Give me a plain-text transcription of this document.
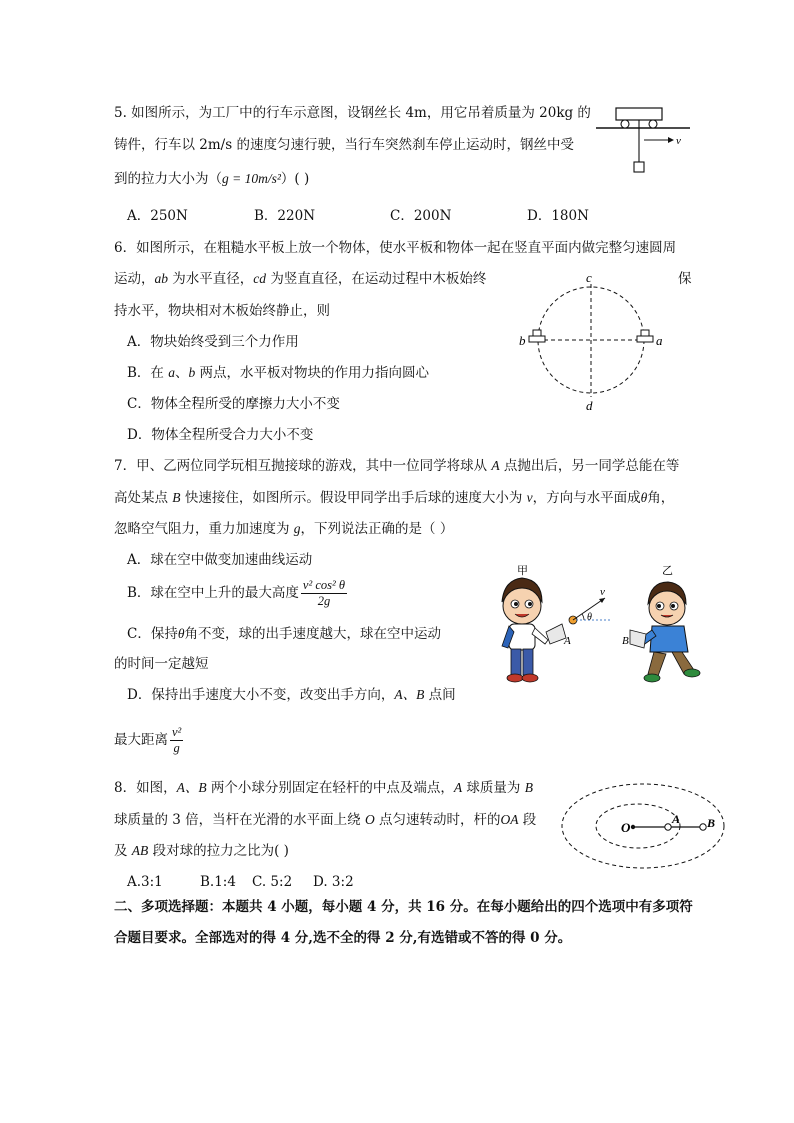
5. 如图所示，为工厂中的行车示意图，设钢丝长 4m，用它吊着质量为 20kg 的
铸件，行车以 2m/s 的速度匀速行驶，当行车突然刹车停止运动时，钢丝中受
到的拉力大小为（g = 10m/s²）( )
A．250N	B．220N	C．200N	D．180N
v
6．如图所示，在粗糙水平板上放一个物体，使水平板和物体一起在竖直平面内做完整匀速圆周
运动，ab 为水平直径，cd 为竖直直径，在运动过程中木板始终	保
持水平，物块相对木板始终静止，则
A．物块始终受到三个力作用
B．在 a、b 两点，水平板对物块的作用力指向圆心
C．物体全程所受的摩擦力大小不变
D．物体全程所受合力大小不变
b	a
c
d
7．甲、乙两位同学玩相互抛接球的游戏，其中一位同学将球从 A 点抛出后，另一同学总能在等
高处某点 B 快速接住，如图所示。假设甲同学出手后球的速度大小为 v，方向与水平面成θ角，
忽略空气阻力，重力加速度为 g，下列说法正确的是（ ）
A．球在空中做变加速曲线运动
B．球在空中上升的最大高度 $\frac{\text{v² cos² θ}}{2g}$
C．保持θ角不变，球的出手速度越大，球在空中运动
的时间一定越短
D．保持出手速度大小不变，改变出手方向，A、B 点间
最大距离 $\frac{\text{v²}}{g}$
甲
v
θ
A
乙
B
8．如图，A、B 两个小球分别固定在轻杆的中点及端点，A 球质量为 B
球质量的 3 倍，当杆在光滑的水平面上绕 O 点匀速转动时，杆的OA 段
及 AB 段对球的拉力之比为( )
A.3:1	B.1:4 C. 5:2 D. 3:2
O
A B
二、多项选择题：本题共 4 小题，每小题 4 分，共 16 分。在每小题给出的四个选项中有多项符
合题目要求。全部选对的得 4 分,选不全的得 2 分,有选错或不答的得 0 分。
